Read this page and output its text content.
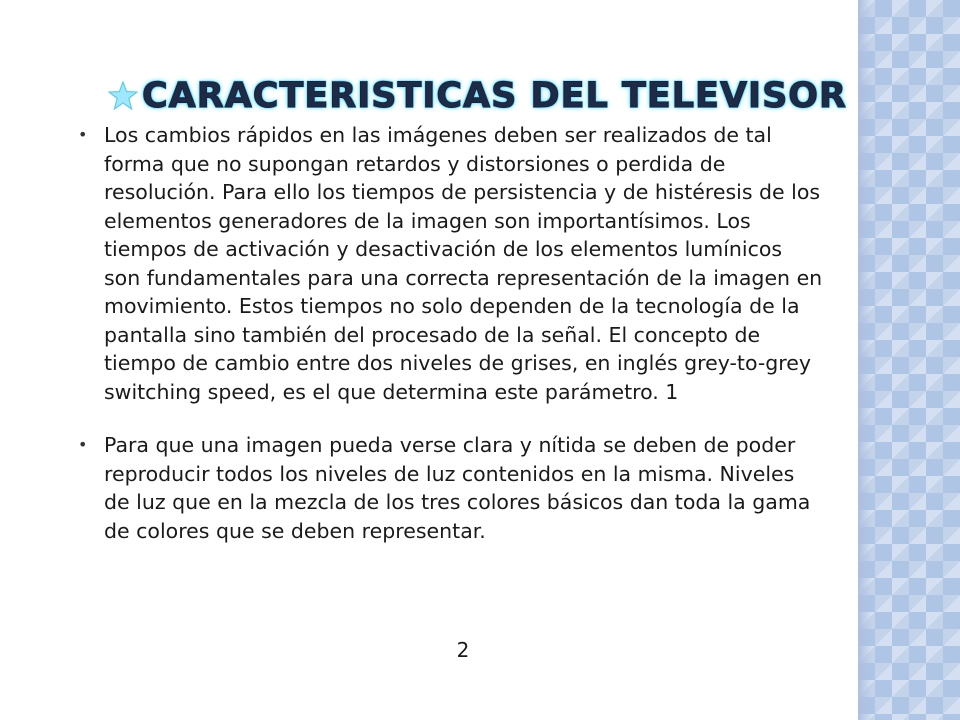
CARACTERISTICAS DEL TELEVISOR
• Los cambios rápidos en las imágenes deben ser realizados de tal forma que no supongan retardos y distorsiones o perdida de resolución. Para ello los tiempos de persistencia y de histéresis de los elementos generadores de la imagen son importantísimos. Los tiempos de activación y desactivación de los elementos lumínicos son fundamentales para una correcta representación de la imagen en movimiento. Estos tiempos no solo dependen de la tecnología de la pantalla sino también del procesado de la señal. El concepto de tiempo de cambio entre dos niveles de grises, en inglés grey-to-grey switching speed, es el que determina este parámetro. 1
• Para que una imagen pueda verse clara y nítida se deben de poder reproducir todos los niveles de luz contenidos en la misma. Niveles de luz que en la mezcla de los tres colores básicos dan toda la gama de colores que se deben representar.
2
